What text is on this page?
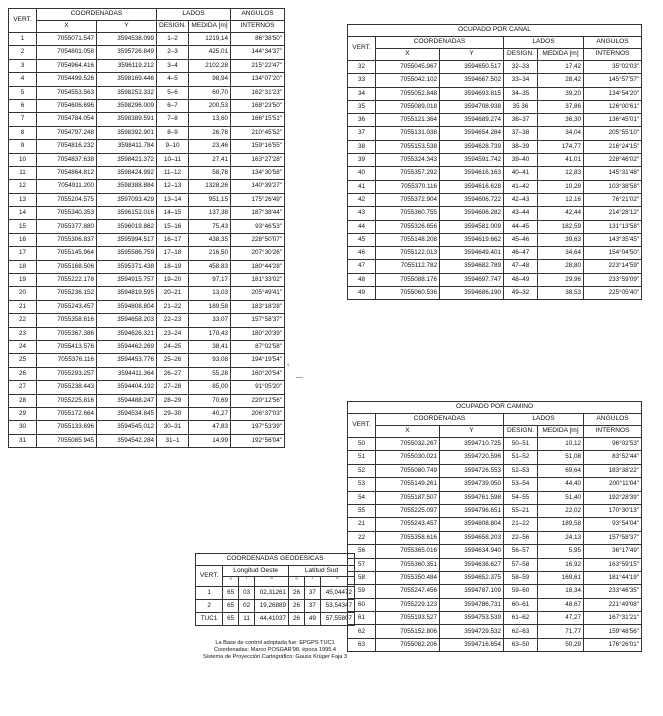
VERT.	COORDENADAS		LADOS		ANGULOS
	X	Y	DESIGN.	MEDIDA [m]	INTERNOS
1	7055071.547	3594538.099	1–2	1219,14	86°38'50"
2	7054801.058	3595726.849	2–3	425,01	144°34'37"
3	7054964.416	3596119.212	3–4	2102,28	215°22'47"
4	7054499.526	3598169.446	4–5	98,94	134°07'20"
5	7054553.563	3598252.332	5–6	60,70	162°31'23"
6	7054606.696	3598296.009	6–7	200,53	168°23'50"
7	7054784.054	3598389.591	7–8	13,60	166°15'51"
8	7054797.248	3598392.901	8–9	26,78	210°45'52"
9	7054816.232	3598411.784	9–10	23,46	159°16'55"
10	7054837.638	3598421.372	10–11	27,41	163°27'28"
11	7054864.812	3598424.992	11–12	58,78	134°30'58"
12	7054911.200	3598388.884	12–13	1328,26	140°39'27"
13	7055204.575	3597093.429	13–14	951,15	175°26'49"
14	7055340.353	3596152.016	14–15	137,38	187°38'44"
15	7055377.880	3596019.862	15–16	75,43	93°46'53"
16	7055306.837	3595994.517	16–17	438,35	228°50'07"
17	7055145.964	3595586.759	17–18	216,50	207°30'26"
18	7055168.506	3595371.438	18–19	458.83	180°44'28"
19	7055222.178	3594915.757	19–20	97,17	181°33'02"
20	7055236.152	3594819.595	20–21	13,03	205°49'41"
21	7055243.457	3594808.804	21–22	189,58	183°18'28"
22	7055358.616	3594658.203	22–23	33,07	157°58'37"
23	7055367.386	3594626.321	23–24	170,43	180°20'39"
24	7055413.576	3594462.269	24–25	38,41	87°02'58"
25	7055376.116	3594453.776	25–26	93,08	194°19'54"
26	7055293.257	3594411.364	26–27	55,28	160°20'54"
27	7055238.443	3594404.192	27–28	85,00	91°05'20"
28	7055225.816	3594488.247	28–29	70,69	220°12'56"
29	7055172.664	3594534.845	29–30	40,27	206°37'03"
30	7055133.696	3594545.012	30–31	47,83	197°53'39"
31	7055085.945	3594542.284	31–1	14,99	192°56'04"
OCUPADO POR CANAL					
VERT.	COORDENADAS		LADOS		ANGULOS
	X	Y	DESIGN.	MEDIDA [m]	INTERNOS
32	7055045.967	3594650.517	32–33	17,42	35°02'03"
33	7055042.102	3594667.502	33–34	28,42	145°57'57"
34	7055052.848	3594693.815	34–35	39,20	134°54'20"
35	7055089.018	3594708.938	35 36	37,86	126°00'61"
36	7055121.364	3594689.274	36–37	36,30	136°45'01"
37	7055131.038	3594654.284	37–38	34,04	205°55'10"
38	7055153.538	3594628.739	38–39	174,77	216°24'15"
39	7055324.343	3594591.742	39–40	41,01	228°46'02"
40	7055357.292	3594616.163	40–41	12,83	145°31'48"
41	7055370.116	3594616.628	41–42	10,29	103°38'58"
42	7055372.904	3594606.722	42–43	12,16	76°21'02"
43	7055360.755	3594606.282	43–44	42,44	214°28'12"
44	7055326.656	3594581.009	44–45	182,59	131°13'58"
45	7055148.208	3594619.662	45–46	39,63	143°35'45"
46	7055122.013	3594649.401	46–47	34,64	154°04'50"
47	7055112.782	3594682.789	47–48	28,80	223°14'59"
48	7055088.176	3594697.747	48–49	29,96	233°59'09"
49	7055060.536	3594686.190	49–32	38,53	225°05'40"
OCUPADO POR CAMINO					
VERT.	COORDENADAS		LADOS		ANGULOS
	X	Y	DESIGN.	MEDIDA [m]	INTERNOS
50	7055032.267	3594710.725	50–51	10,12	96°02'53"
51	7055030.021	3594720.596	51–52	51,08	83°52'44"
52	7055080.749	3594726.553	52–53	69,64	183°38'22"
53	7055149.261	3594739.050	53–54	44,40	200°11'04"
54	7055187.507	3594761.598	54–55	51,40	192°28'39"
55	7055225.097	3594796.651	55–21	22,02	170°30'13"
21	7055243.457	3594808.804	21–22	189,58	93°54'04"
22	7055358.616	3594658.203	22–56	24,13	157°58'37"
56	7055365.016	3594634.940	56–57	5,95	36°17'49"
57	7055360.351	3594638.627	57–58	16,92	163°59'15"
58	7055350.484	3594652.375	58–59	169,61	181°44'19"
59	7055247.456	3594787.109	59–60	18,34	233°46'35"
60	7055229.123	3594786.731	60–61	48,67	221°49'08"
61	7055193.527	3594753.539	61–62	47,27	167°31'21"
62	7055152.806	3594729.532	62–63	71,77	159°48'56"
63	7055082.206	3594716.654	63–50	50,29	176°26'01"
COORDENADAS GEODESICAS						
VERT.	Longitud Oeste			Latitud Sud		
	°	'	"	°	'	"
1	65	03	02,31261	26	37	45,04472
2	65	02	19,26889	26	37	53,54347
TUC1	65	11	44,41037	26	49	57,55807
La Base de control adoptada fue: EPGPS TUC1
Coordenadas: Marco POSGAR'98, época 1995.4
Sistema de Proyección Cartográfico: Gauss Krüger Faja 3
‹
—
